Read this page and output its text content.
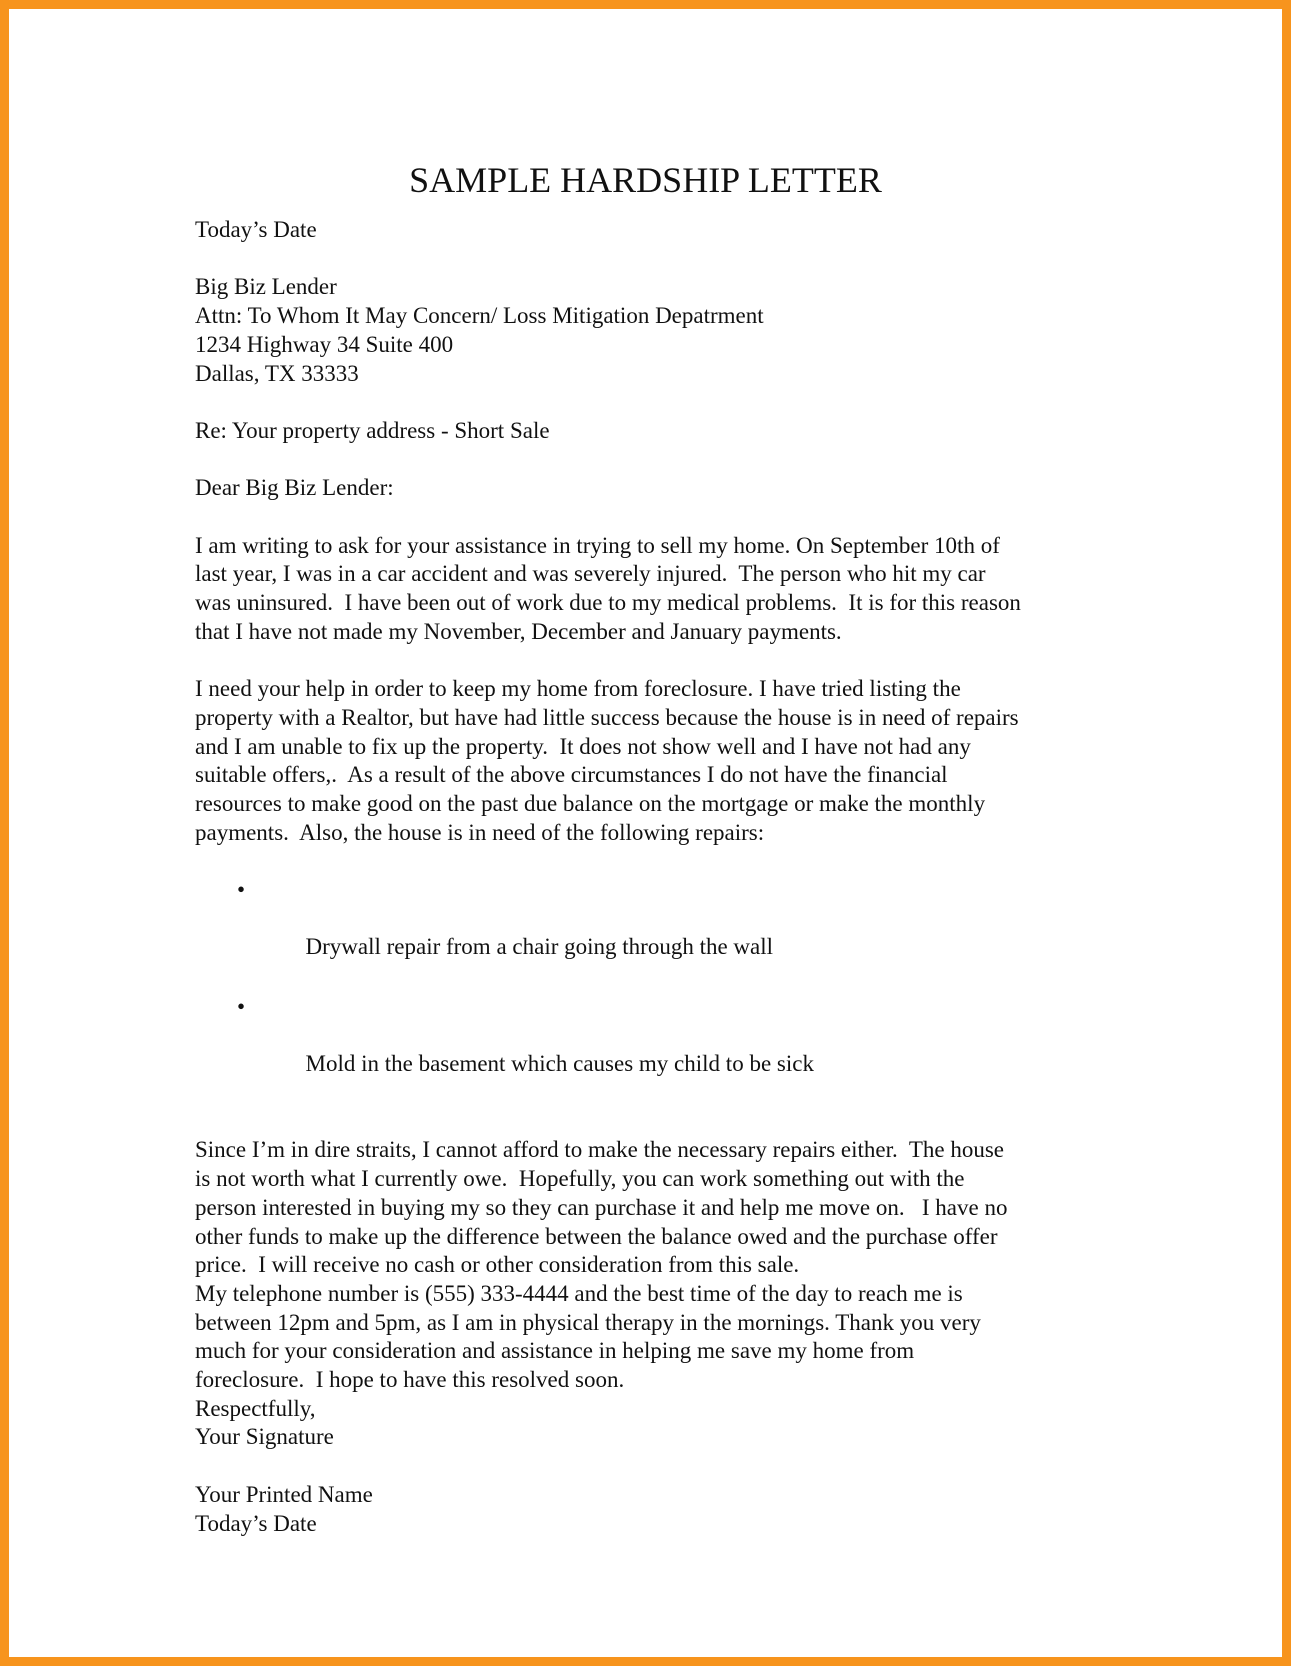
SAMPLE HARDSHIP LETTER
Today’s Date
Big Biz Lender
Attn: To Whom It May Concern/ Loss Mitigation Depatrment
1234 Highway 34 Suite 400
Dallas, TX 33333
Re: Your property address - Short Sale
Dear Big Biz Lender:
I am writing to ask for your assistance in trying to sell my home. On September 10th of
last year, I was in a car accident and was severely injured.  The person who hit my car
was uninsured.  I have been out of work due to my medical problems.  It is for this reason
that I have not made my November, December and January payments.
I need your help in order to keep my home from foreclosure. I have tried listing the
property with a Realtor, but have had little success because the house is in need of repairs
and I am unable to fix up the property.  It does not show well and I have not had any
suitable offers,.  As a result of the above circumstances I do not have the financial
resources to make good on the past due balance on the mortgage or make the monthly
payments.  Also, the house is in need of the following repairs:

•

Drywall repair from a chair going through the wall

•

Mold in the basement which causes my child to be sick

Since I’m in dire straits, I cannot afford to make the necessary repairs either.  The house
is not worth what I currently owe.  Hopefully, you can work something out with the
person interested in buying my so they can purchase it and help me move on.   I have no
other funds to make up the difference between the balance owed and the purchase offer
price.  I will receive no cash or other consideration from this sale.
My telephone number is (555) 333-4444 and the best time of the day to reach me is
between 12pm and 5pm, as I am in physical therapy in the mornings. Thank you very
much for your consideration and assistance in helping me save my home from
foreclosure.  I hope to have this resolved soon.
Respectfully,
Your Signature
Your Printed Name
Today’s Date
